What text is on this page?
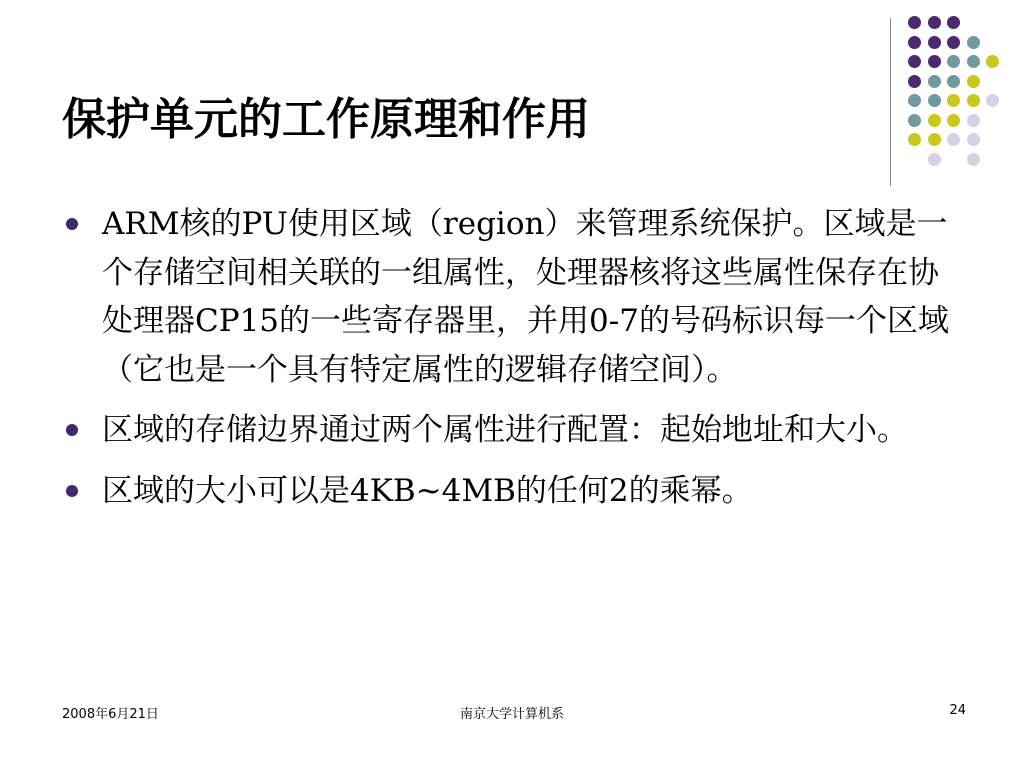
保护单元的工作原理和作用
ARM核的PU使用区域（region）来管理系统保护。区域是一个存储空间相关联的一组属性，处理器核将这些属性保存在协处理器CP15的一些寄存器里，并用0-7的号码标识每一个区域（它也是一个具有特定属性的逻辑存储空间）。
区域的存储边界通过两个属性进行配置：起始地址和大小。
区域的大小可以是4KB~4MB的任何2的乘幂。
2008年6月21日	南京大学计算机系	24
